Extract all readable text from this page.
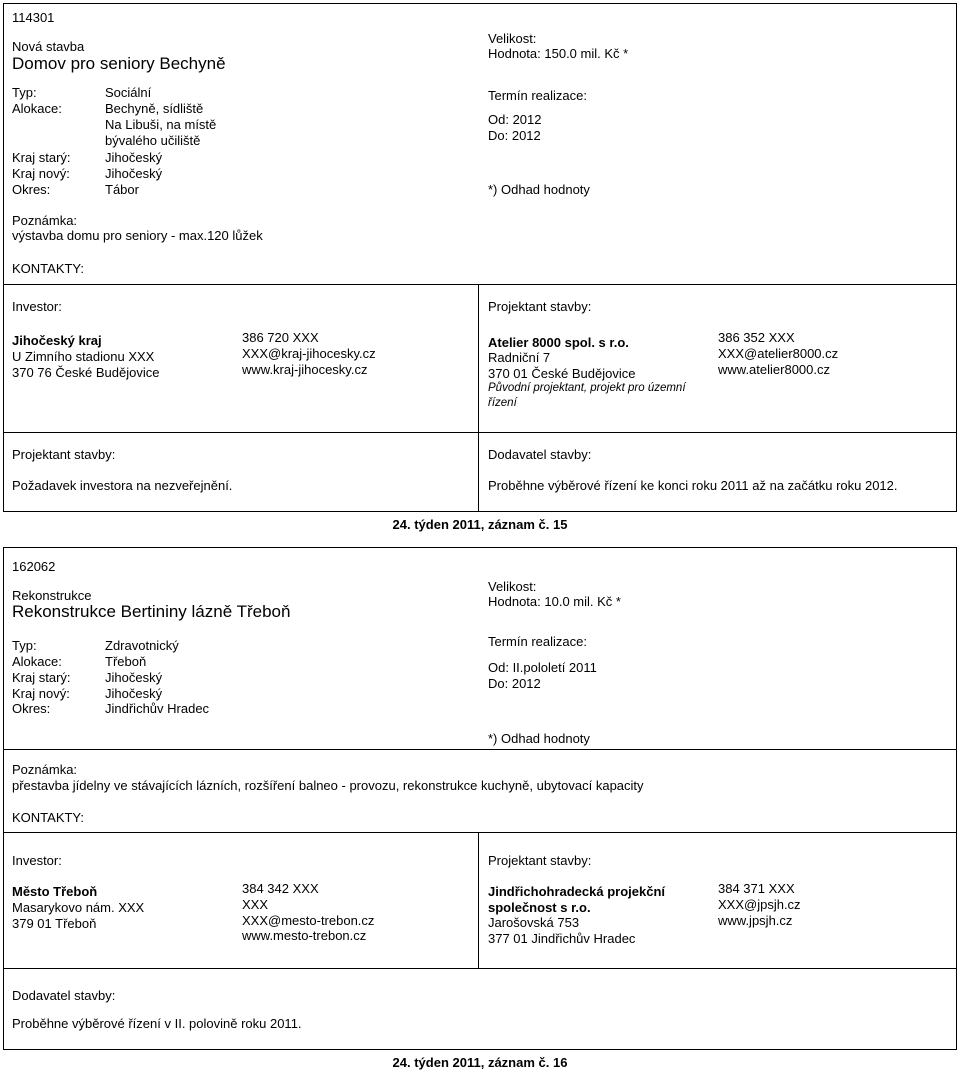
114301
Nová stavba
Domov pro seniory Bechyně
Typ:	Sociální
Alokace:	Bechyně, sídliště
Na Libuši, na místě
bývalého učiliště
Kraj starý:	Jihočeský
Kraj nový:	Jihočeský
Okres:	Tábor
Velikost:
Hodnota: 150.0 mil. Kč *
Termín realizace:
Od: 2012
Do: 2012
*) Odhad hodnoty
Poznámka:
výstavba domu pro seniory - max.120 lůžek
KONTAKTY:
Investor:
Jihočeský kraj
U Zimního stadionu XXX
370 76 České Budějovice
386 720 XXX
XXX@kraj-jihocesky.cz
www.kraj-jihocesky.cz
Projektant stavby:
Atelier 8000 spol. s r.o.
Radniční 7
370 01 České Budějovice
Původní projektant, projekt pro územní řízení
386 352 XXX
XXX@atelier8000.cz
www.atelier8000.cz
Projektant stavby:
Požadavek investora na nezveřejnění.
Dodavatel stavby:
Proběhne výběrové řízení ke konci roku 2011 až na začátku roku 2012.
24. týden 2011, záznam č. 15
162062
Rekonstrukce
Rekonstrukce Bertininy lázně Třeboň
Typ:	Zdravotnický
Alokace:	Třeboň
Kraj starý:	Jihočeský
Kraj nový:	Jihočeský
Okres:	Jindřichův Hradec
Velikost:
Hodnota: 10.0 mil. Kč *
Termín realizace:
Od: II.pololetí 2011
Do: 2012
*) Odhad hodnoty
Poznámka:
přestavba jídelny ve stávajících lázních, rozšíření balneo - provozu, rekonstrukce kuchyně, ubytovací kapacity
KONTAKTY:
Investor:
Město Třeboň
Masarykovo nám. XXX
379 01 Třeboň
384 342 XXX
XXX
XXX@mesto-trebon.cz
www.mesto-trebon.cz
Projektant stavby:
Jindřichohradecká projekční
společnost s r.o.
Jarošovská 753
377 01 Jindřichův Hradec
384 371 XXX
XXX@jpsjh.cz
www.jpsjh.cz
Dodavatel stavby:
Proběhne výběrové řízení v II. polovině roku 2011.
24. týden 2011, záznam č. 16
